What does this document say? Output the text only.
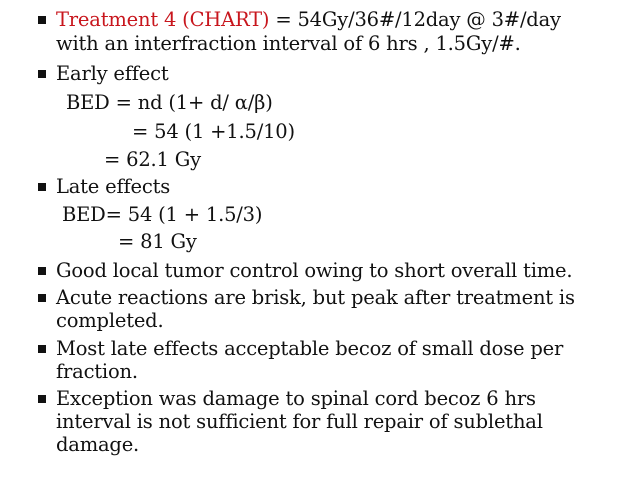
Treatment 4 (CHART) = 54Gy/36#/12day @ 3#/day
with an interfraction interval of 6 hrs , 1.5Gy/#.
Early effect
BED = nd (1+ d/ α/β)
= 54 (1 +1.5/10)
= 62.1 Gy
Late effects
BED= 54 (1 + 1.5/3)
= 81 Gy
Good local tumor control owing to short overall time.
Acute reactions are brisk, but peak after treatment is
completed.
Most late effects acceptable becoz of small dose per
fraction.
Exception was damage to spinal cord becoz 6 hrs
interval is not sufficient for full repair of sublethal
damage.
